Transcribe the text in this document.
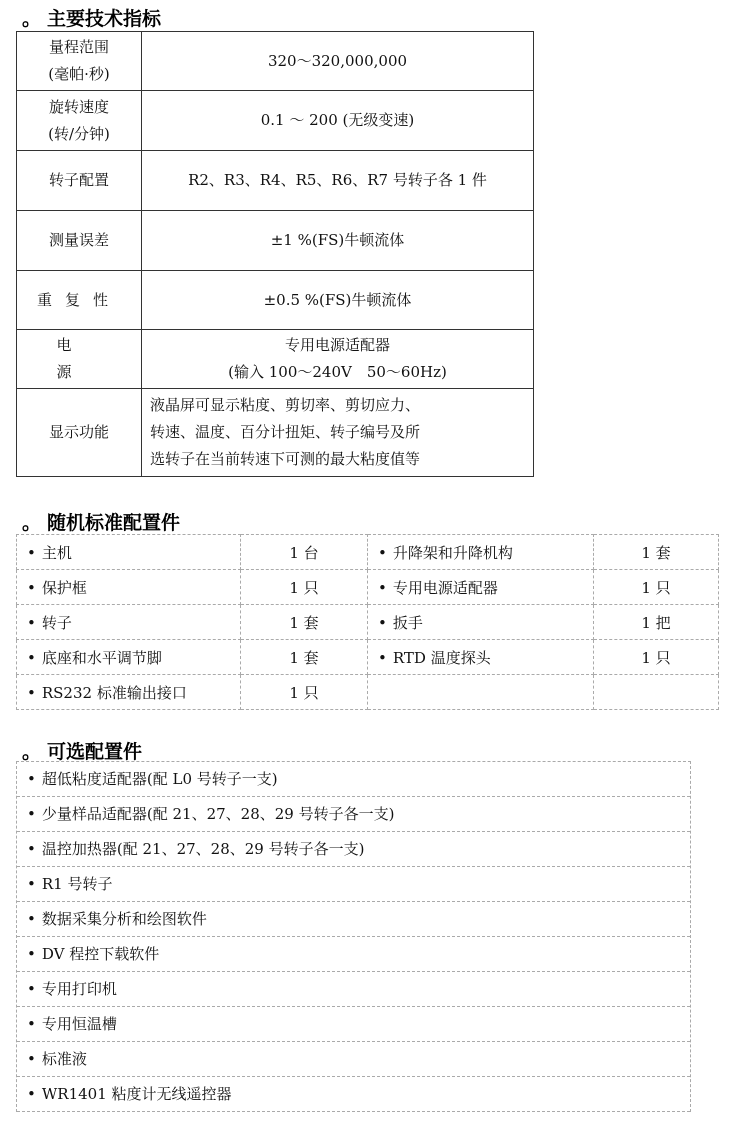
。 主要技术指标
量程范围
(毫帕·秒)	320～320,000,000

旋转速度
(转/分钟)	0.1 ～ 200 (无级变速)

转子配置	R2、R3、R4、R5、R6、R7 号转子各 1 件

测量误差	±1 %(FS)牛顿流体

重复性	±0.5 %(FS)牛顿流体

电源	专用电源适配器
(输入 100～240V　50～60Hz)

显示功能	液晶屏可显示粘度、剪切率、剪切应力、
转速、温度、百分计扭矩、转子编号及所
选转子在当前转速下可测的最大粘度值等
。 随机标准配置件
• 主机	1 台	• 升降架和升降机构	1 套
• 保护框	1 只	• 专用电源适配器	1 只
• 转子	1 套	• 扳手	1 把
• 底座和水平调节脚	1 套	• RTD 温度探头	1 只
• RS232 标准输出接口	1 只		
。 可选配置件
• 超低粘度适配器(配 L0 号转子一支)
• 少量样品适配器(配 21、27、28、29 号转子各一支)
• 温控加热器(配 21、27、28、29 号转子各一支)
• R1 号转子
• 数据采集分析和绘图软件
• DV 程控下载软件
• 专用打印机
• 专用恒温槽
• 标准液
• WR1401 粘度计无线遥控器
